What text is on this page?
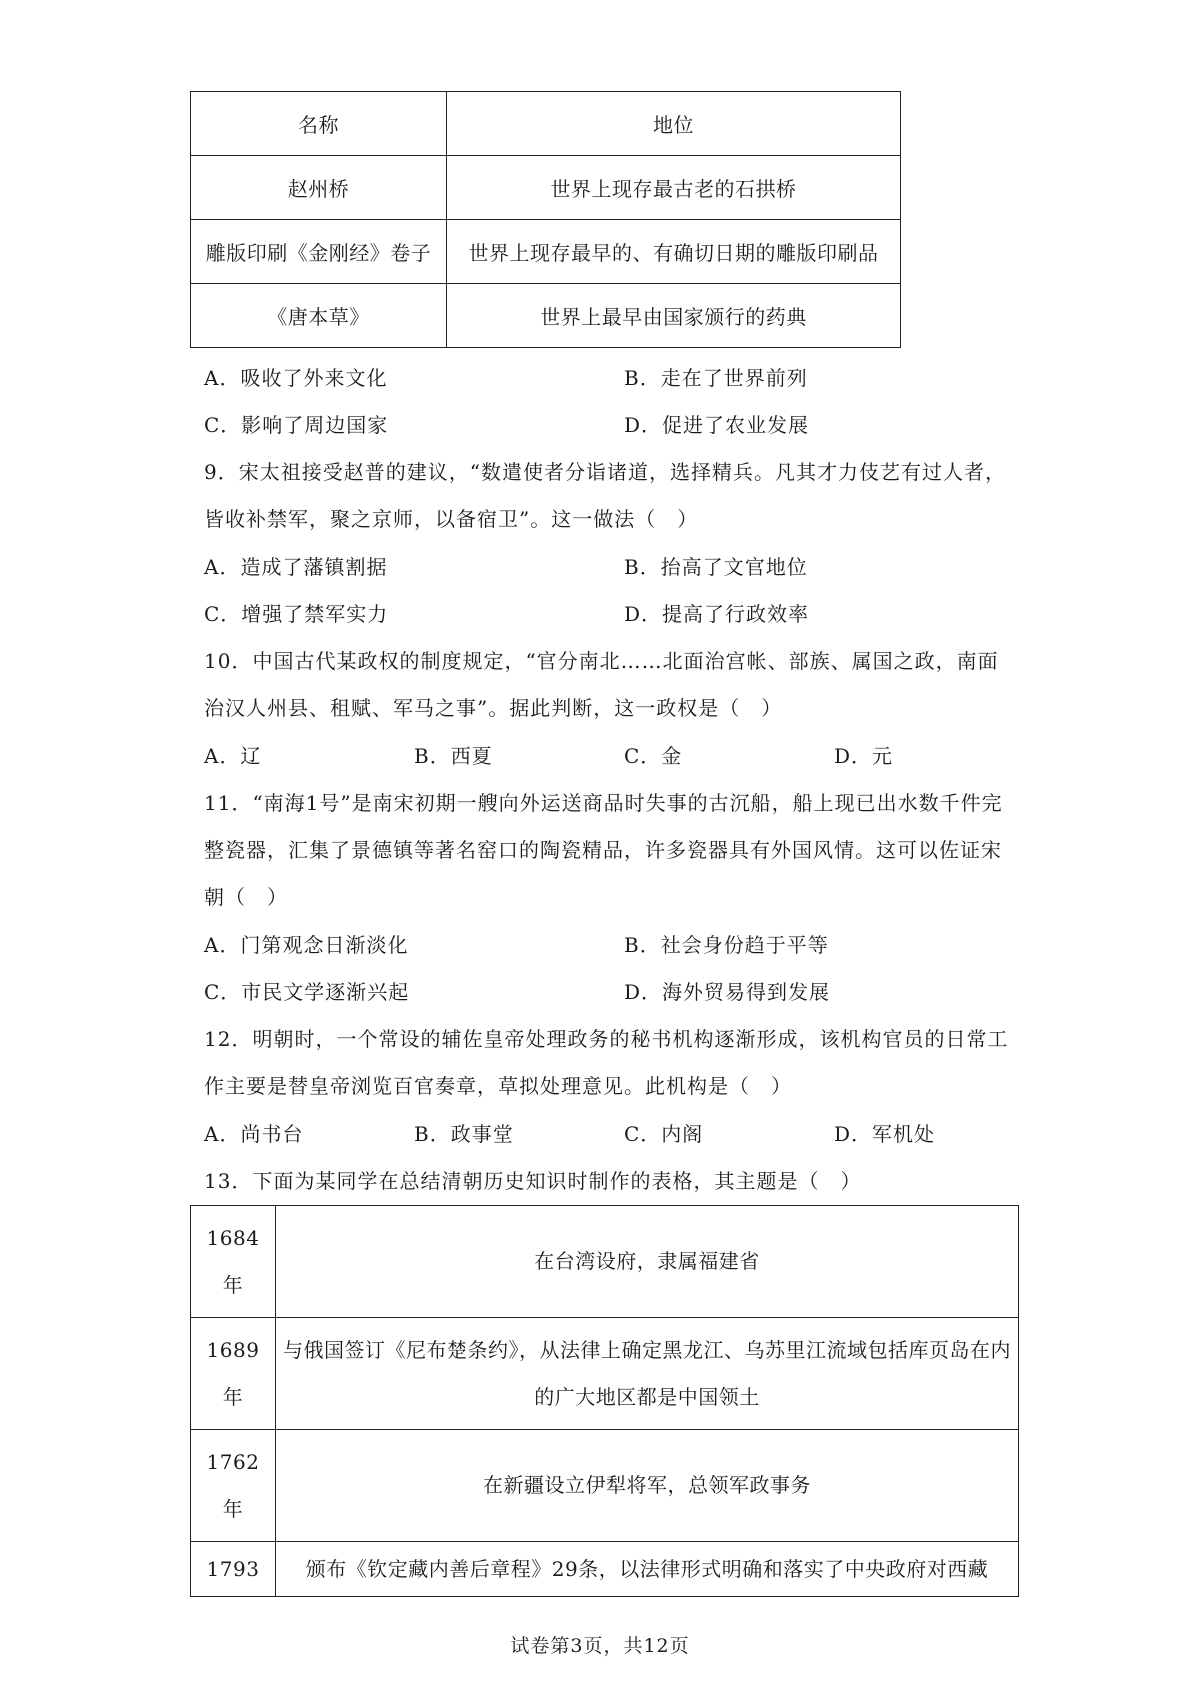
名称	地位
赵州桥	世界上现存最古老的石拱桥
雕版印刷《金刚经》卷子	世界上现存最早的、有确切日期的雕版印刷品
《唐本草》	世界上最早由国家颁行的药典
A．吸收了外来文化	B．走在了世界前列
C．影响了周边国家	D．促进了农业发展
9．宋太祖接受赵普的建议，“数遣使者分诣诸道，选择精兵。凡其才力伎艺有过人者，
皆收补禁军，聚之京师，以备宿卫”。这一做法（　）
A．造成了藩镇割据	B．抬高了文官地位
C．增强了禁军实力	D．提高了行政效率
10．中国古代某政权的制度规定，“官分南北……北面治宫帐、部族、属国之政，南面
治汉人州县、租赋、军马之事”。据此判断，这一政权是（　）
A．辽	B．西夏	C．金	D．元
11．“南海1号”是南宋初期一艘向外运送商品时失事的古沉船，船上现已出水数千件完
整瓷器，汇集了景德镇等著名窑口的陶瓷精品，许多瓷器具有外国风情。这可以佐证宋
朝（　）
A．门第观念日渐淡化	B．社会身份趋于平等
C．市民文学逐渐兴起	D．海外贸易得到发展
12．明朝时，一个常设的辅佐皇帝处理政务的秘书机构逐渐形成，该机构官员的日常工
作主要是替皇帝浏览百官奏章，草拟处理意见。此机构是（　）
A．尚书台	B．政事堂	C．内阁	D．军机处
13．下面为某同学在总结清朝历史知识时制作的表格，其主题是（　）
1684年	在台湾设府，隶属福建省
1689年	与俄国签订《尼布楚条约》，从法律上确定黑龙江、乌苏里江流域包括库页岛在内的广大地区都是中国领土
1762年	在新疆设立伊犁将军，总领军政事务
1793	颁布《钦定藏内善后章程》29条，以法律形式明确和落实了中央政府对西藏
试卷第3页，共12页
